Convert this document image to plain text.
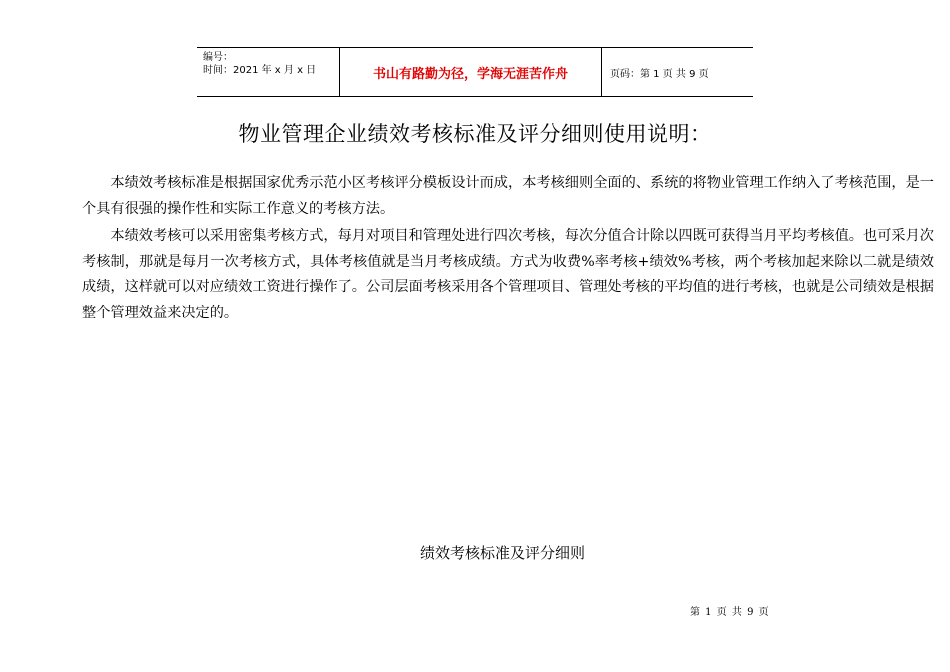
编号：
时间：2021 年 x 月 x 日	书山有路勤为径，学海无涯苦作舟	页码：第 1 页 共 9 页
物业管理企业绩效考核标准及评分细则使用说明：

本绩效考核标准是根据国家优秀示范小区考核评分模板设计而成，本考核细则全面的、系统的将物业管理工作纳入了考核范围，是一个具有很强的操作性和实际工作意义的考核方法。

本绩效考核可以采用密集考核方式，每月对项目和管理处进行四次考核，每次分值合计除以四既可获得当月平均考核值。也可采月次考核制，那就是每月一次考核方式，具体考核值就是当月考核成绩。方式为收费%率考核+绩效%考核，两个考核加起来除以二就是绩效成绩，这样就可以对应绩效工资进行操作了。公司层面考核采用各个管理项目、管理处考核的平均值的进行考核，也就是公司绩效是根据整个管理效益来决定的。

绩效考核标准及评分细则
第 1 页 共 9 页
